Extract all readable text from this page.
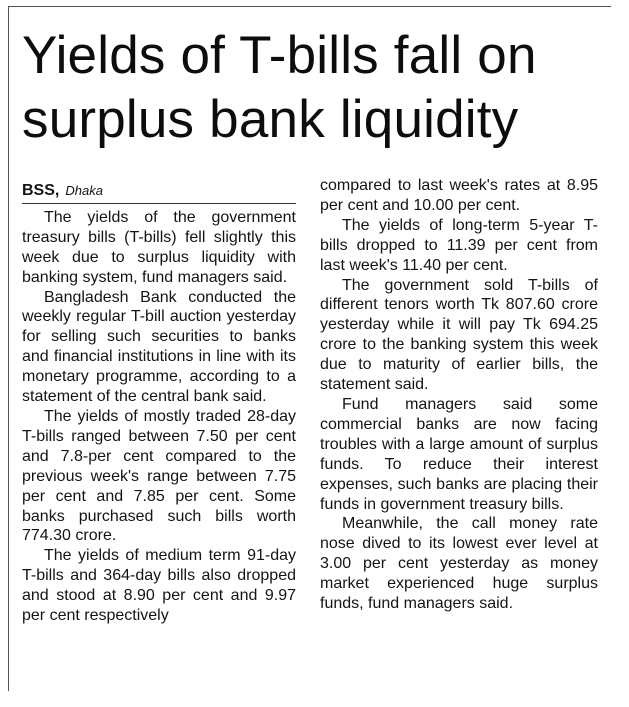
Yields of T-bills fall on surplus bank liquidity
BSS , Dhaka

The yields of the government treasury bills (T-bills) fell slightly this week due to surplus liquidity with banking system, fund managers said.

Bangladesh Bank conducted the weekly regular T-bill auction yesterday for selling such securities to banks and financial institutions in line with its monetary programme, according to a statement of the central bank said.

The yields of mostly traded 28-day T-bills ranged between 7.50 per cent and 7.8-per cent compared to the previous week's range between 7.75 per cent and 7.85 per cent. Some banks purchased such bills worth 774.30 crore.

The yields of medium term 91-day T-bills and 364-day bills also dropped and stood at 8.90 per cent and 9.97 per cent respectively

compared to last week's rates at 8.95 per cent and 10.00 per cent.

The yields of long-term 5-year T-bills dropped to 11.39 per cent from last week's 11.40 per cent.

The government sold T-bills of different tenors worth Tk 807.60 crore yesterday while it will pay Tk 694.25 crore to the banking system this week due to maturity of earlier bills, the statement said.

Fund managers said some commercial banks are now facing troubles with a large amount of surplus funds. To reduce their interest expenses, such banks are placing their funds in government treasury bills.

Meanwhile, the call money rate nose dived to its lowest ever level at 3.00 per cent yesterday as money market experienced huge surplus funds, fund managers said.
